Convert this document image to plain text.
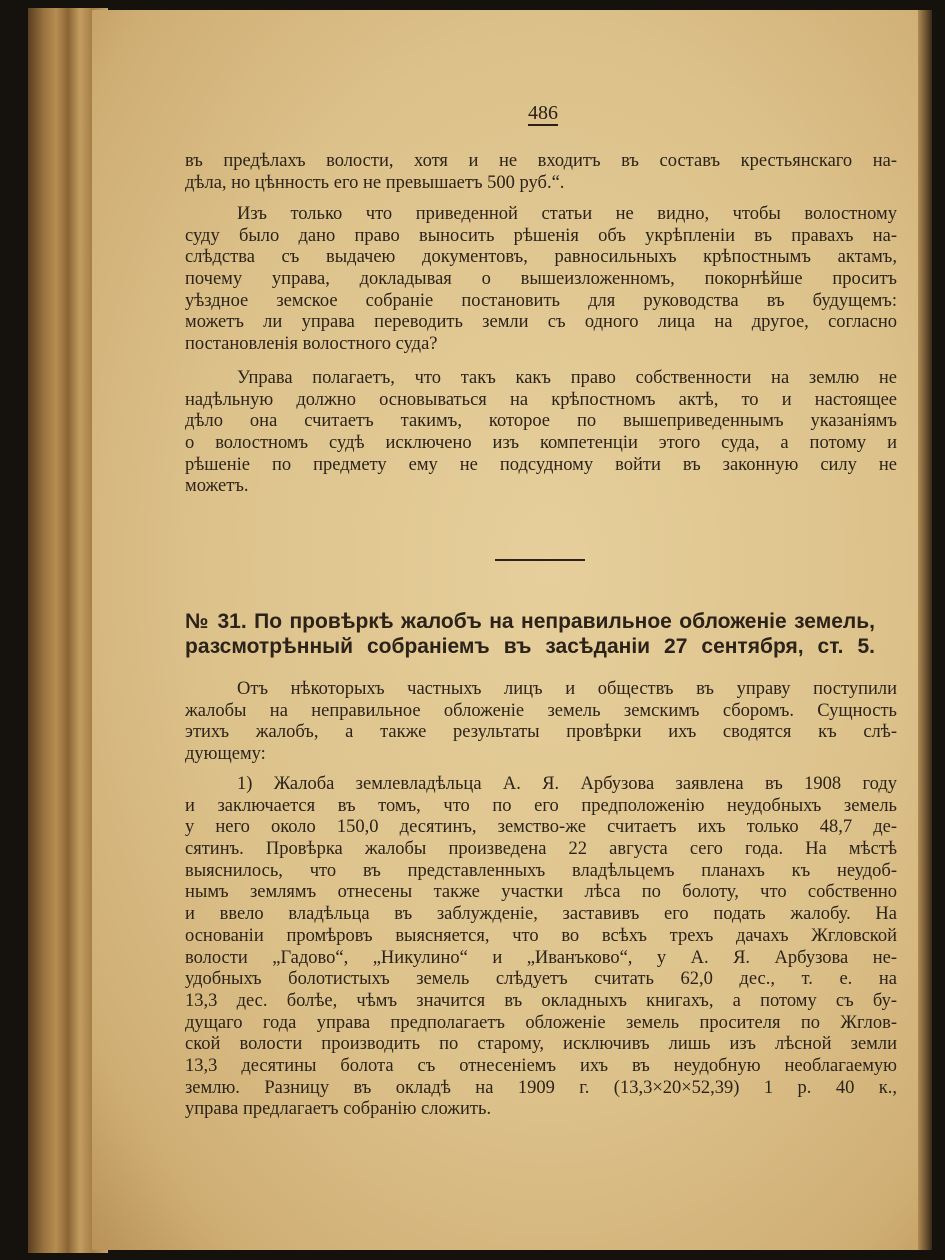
486
въ предѣлахъ волости, хотя и не входитъ въ составъ крестьянскаго на-
дѣла, но цѣнность его не превышаетъ 500 руб.“.
Изъ только что приведенной статьи не видно, чтобы волостному
суду было дано право выносить рѣшенія объ укрѣпленіи въ правахъ на-
слѣдства съ выдачею документовъ, равносильныхъ крѣпостнымъ актамъ,
почему управа, докладывая о вышеизложенномъ, покорнѣйше проситъ
уѣздное земское собраніе постановить для руководства въ будущемъ:
можетъ ли управа переводить земли съ одного лица на другое, согласно
постановленія волостного суда?
Управа полагаетъ, что такъ какъ право собственности на землю не
надѣльную должно основываться на крѣпостномъ актѣ, то и настоящее
дѣло она считаетъ такимъ, которое по вышеприведеннымъ указаніямъ
о волостномъ судѣ исключено изъ компетенціи этого суда, а потому и
рѣшеніе по предмету ему не подсудному войти въ законную силу не
можетъ.
№ 31. По провѣркѣ жалобъ на неправильное обложеніе земель,
разсмотрѣнный собраніемъ въ засѣданіи 27 сентября, ст. 5.
Отъ нѣкоторыхъ частныхъ лицъ и обществъ въ управу поступили
жалобы на неправильное обложеніе земель земскимъ сборомъ. Сущность
этихъ жалобъ, а также результаты провѣрки ихъ сводятся къ слѣ-
дующему:
1) Жалоба землевладѣльца А. Я. Арбузова заявлена въ 1908 году
и заключается въ томъ, что по его предположенію неудобныхъ земель
у него около 150,0 десятинъ, земство-же считаетъ ихъ только 48,7 де-
сятинъ. Провѣрка жалобы произведена 22 августа сего года. На мѣстѣ
выяснилось, что въ представленныхъ владѣльцемъ планахъ къ неудоб-
нымъ землямъ отнесены также участки лѣса по болоту, что собственно
и ввело владѣльца въ заблужденіе, заставивъ его подать жалобу. На
основаніи промѣровъ выясняется, что во всѣхъ трехъ дачахъ Жгловской
волости „Гадово“, „Никулино“ и „Иванъково“, у А. Я. Арбузова не-
удобныхъ болотистыхъ земель слѣдуетъ считать 62,0 дес., т. е. на
13,3 дес. болѣе, чѣмъ значится въ окладныхъ книгахъ, а потому съ бу-
дущаго года управа предполагаетъ обложеніе земель просителя по Жглов-
ской волости производить по старому, исключивъ лишь изъ лѣсной земли
13,3 десятины болота съ отнесеніемъ ихъ въ неудобную необлагаемую
землю. Разницу въ окладѣ на 1909 г. (13,3×20×52,39) 1 р. 40 к.,
управа предлагаетъ собранію сложить.
